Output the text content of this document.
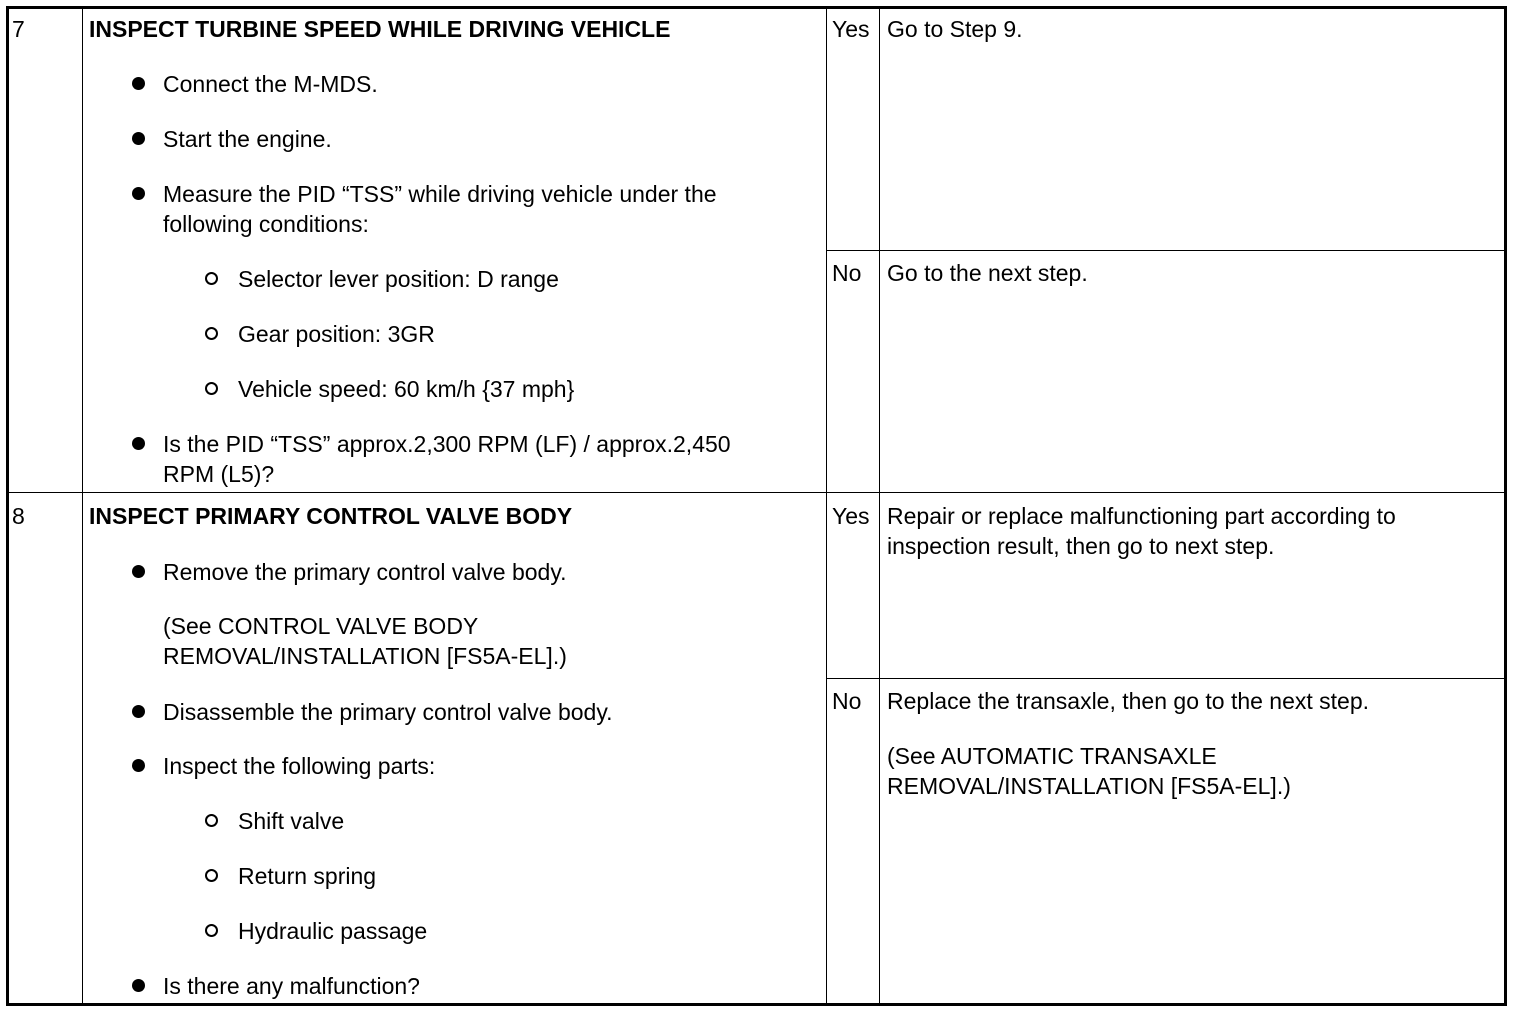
7	INSPECT TURBINE SPEED WHILE DRIVING VEHICLE
Connect the M-MDS.
Start the engine.
Measure the PID “TSS” while driving vehicle under the
following conditions:
Selector lever position: D range
Gear position: 3GR
Vehicle speed: 60 km/h {37 mph}
Is the PID “TSS” approx.2,300 RPM (LF) / approx.2,450
RPM (L5)?
Yes Go to Step 9.
No Go to the next step.
8	INSPECT PRIMARY CONTROL VALVE BODY
Remove the primary control valve body.
(See CONTROL VALVE BODY
REMOVAL/INSTALLATION [FS5A-EL].)
Disassemble the primary control valve body.
Inspect the following parts:
Shift valve
Return spring
Hydraulic passage
Is there any malfunction?
Yes Repair or replace malfunctioning part according to
inspection result, then go to next step.
No Replace the transaxle, then go to the next step.
(See AUTOMATIC TRANSAXLE
REMOVAL/INSTALLATION [FS5A-EL].)
